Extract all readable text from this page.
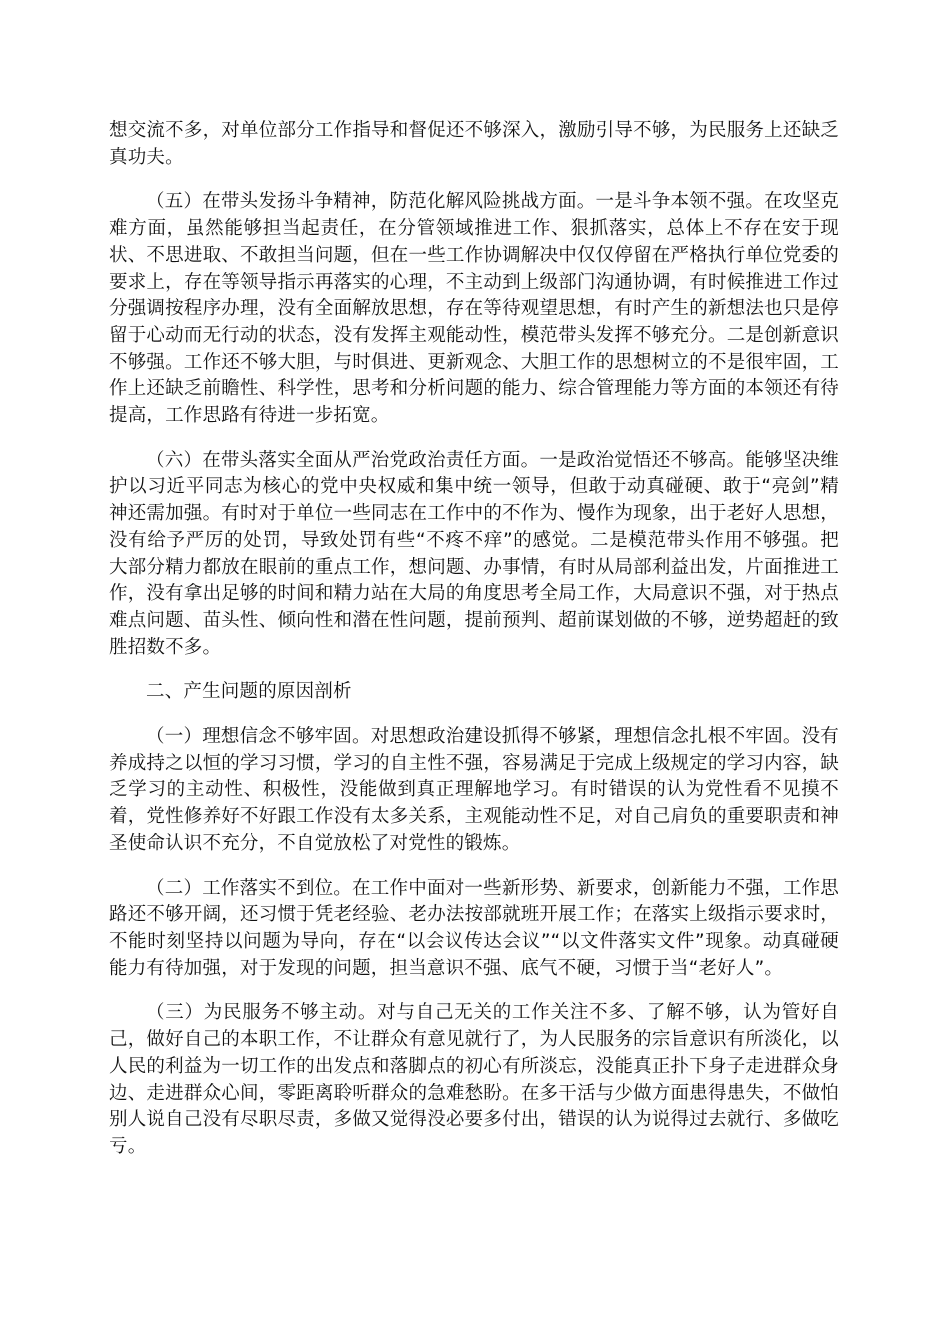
想交流不多，对单位部分工作指导和督促还不够深入，激励引导不够，为民服务上还缺乏真功夫。

（五）在带头发扬斗争精神，防范化解风险挑战方面。一是斗争本领不强。在攻坚克难方面，虽然能够担当起责任，在分管领域推进工作、狠抓落实，总体上不存在安于现状、不思进取、不敢担当问题，但在一些工作协调解决中仅仅停留在严格执行单位党委的要求上，存在等领导指示再落实的心理，不主动到上级部门沟通协调，有时候推进工作过分强调按程序办理，没有全面解放思想，存在等待观望思想，有时产生的新想法也只是停留于心动而无行动的状态，没有发挥主观能动性，模范带头发挥不够充分。二是创新意识不够强。工作还不够大胆，与时俱进、更新观念、大胆工作的思想树立的不是很牢固，工作上还缺乏前瞻性、科学性，思考和分析问题的能力、综合管理能力等方面的本领还有待提高，工作思路有待进一步拓宽。

（六）在带头落实全面从严治党政治责任方面。一是政治觉悟还不够高。能够坚决维护以习近平同志为核心的党中央权威和集中统一领导，但敢于动真碰硬、敢于“亮剑”精神还需加强。有时对于单位一些同志在工作中的不作为、慢作为现象，出于老好人思想，没有给予严厉的处罚，导致处罚有些“不疼不痒”的感觉。二是模范带头作用不够强。把大部分精力都放在眼前的重点工作，想问题、办事情，有时从局部利益出发，片面推进工作，没有拿出足够的时间和精力站在大局的角度思考全局工作，大局意识不强，对于热点难点问题、苗头性、倾向性和潜在性问题，提前预判、超前谋划做的不够，逆势超赶的致胜招数不多。

二、产生问题的原因剖析

（一）理想信念不够牢固。对思想政治建设抓得不够紧，理想信念扎根不牢固。没有养成持之以恒的学习习惯，学习的自主性不强，容易满足于完成上级规定的学习内容，缺乏学习的主动性、积极性，没能做到真正理解地学习。有时错误的认为党性看不见摸不着，党性修养好不好跟工作没有太多关系，主观能动性不足，对自己肩负的重要职责和神圣使命认识不充分，不自觉放松了对党性的锻炼。

（二）工作落实不到位。在工作中面对一些新形势、新要求，创新能力不强，工作思路还不够开阔，还习惯于凭老经验、老办法按部就班开展工作；在落实上级指示要求时，不能时刻坚持以问题为导向，存在“以会议传达会议”“以文件落实文件”现象。动真碰硬能力有待加强，对于发现的问题，担当意识不强、底气不硬，习惯于当“老好人”。

（三）为民服务不够主动。对与自己无关的工作关注不多、了解不够，认为管好自己，做好自己的本职工作，不让群众有意见就行了，为人民服务的宗旨意识有所淡化，以人民的利益为一切工作的出发点和落脚点的初心有所淡忘，没能真正扑下身子走进群众身边、走进群众心间，零距离聆听群众的急难愁盼。在多干活与少做方面患得患失，不做怕别人说自己没有尽职尽责，多做又觉得没必要多付出，错误的认为说得过去就行、多做吃亏。
